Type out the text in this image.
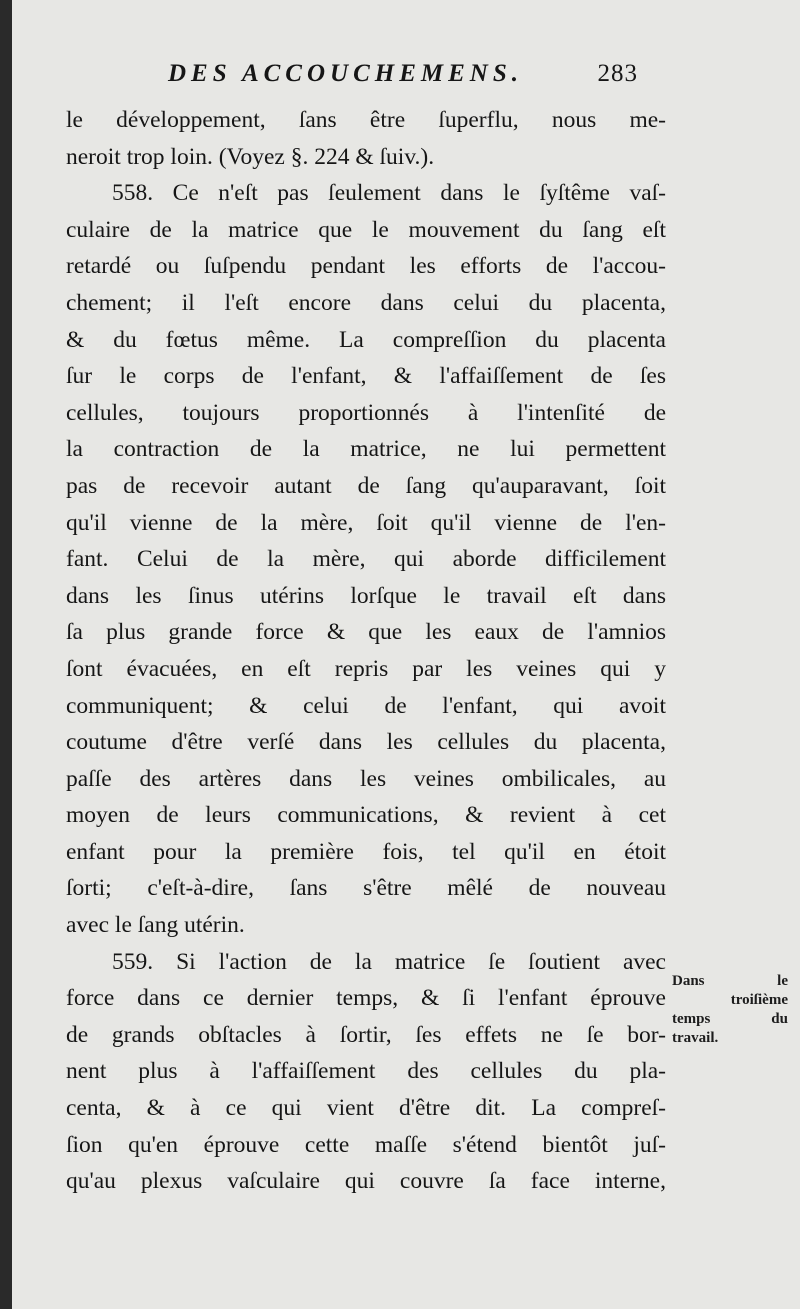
DES ACCOUCHEMENS.	283
le développement, ſans être ſuperflu, nous me-
neroit trop loin. (Voyez §. 224 & ſuiv.).
558. Ce n'eſt pas ſeulement dans le ſyſtême vaſ-
culaire de la matrice que le mouvement du ſang eſt
retardé ou ſuſpendu pendant les efforts de l'accou-
chement; il l'eſt encore dans celui du placenta,
& du fœtus même. La compreſſion du placenta
ſur le corps de l'enfant, & l'affaiſſement de ſes
cellules, toujours proportionnés à l'intenſité de
la contraction de la matrice, ne lui permettent
pas de recevoir autant de ſang qu'auparavant, ſoit
qu'il vienne de la mère, ſoit qu'il vienne de l'en-
fant. Celui de la mère, qui aborde difficilement
dans les ſinus utérins lorſque le travail eſt dans
ſa plus grande force & que les eaux de l'amnios
ſont évacuées, en eſt repris par les veines qui y
communiquent; & celui de l'enfant, qui avoit
coutume d'être verſé dans les cellules du placenta,
paſſe des artères dans les veines ombilicales, au
moyen de leurs communications, & revient à cet
enfant pour la première fois, tel qu'il en étoit
ſorti; c'eſt-à-dire, ſans s'être mêlé de nouveau
avec le ſang utérin.
559. Si l'action de la matrice ſe ſoutient avec
force dans ce dernier temps, & ſi l'enfant éprouve
de grands obſtacles à ſortir, ſes effets ne ſe bor-
nent plus à l'affaiſſement des cellules du pla-
centa, & à ce qui vient d'être dit. La compreſ-
ſion qu'en éprouve cette maſſe s'étend bientôt juſ-
qu'au plexus vaſculaire qui couvre ſa face interne,
Dans le
troiſième
temps du
travail.
